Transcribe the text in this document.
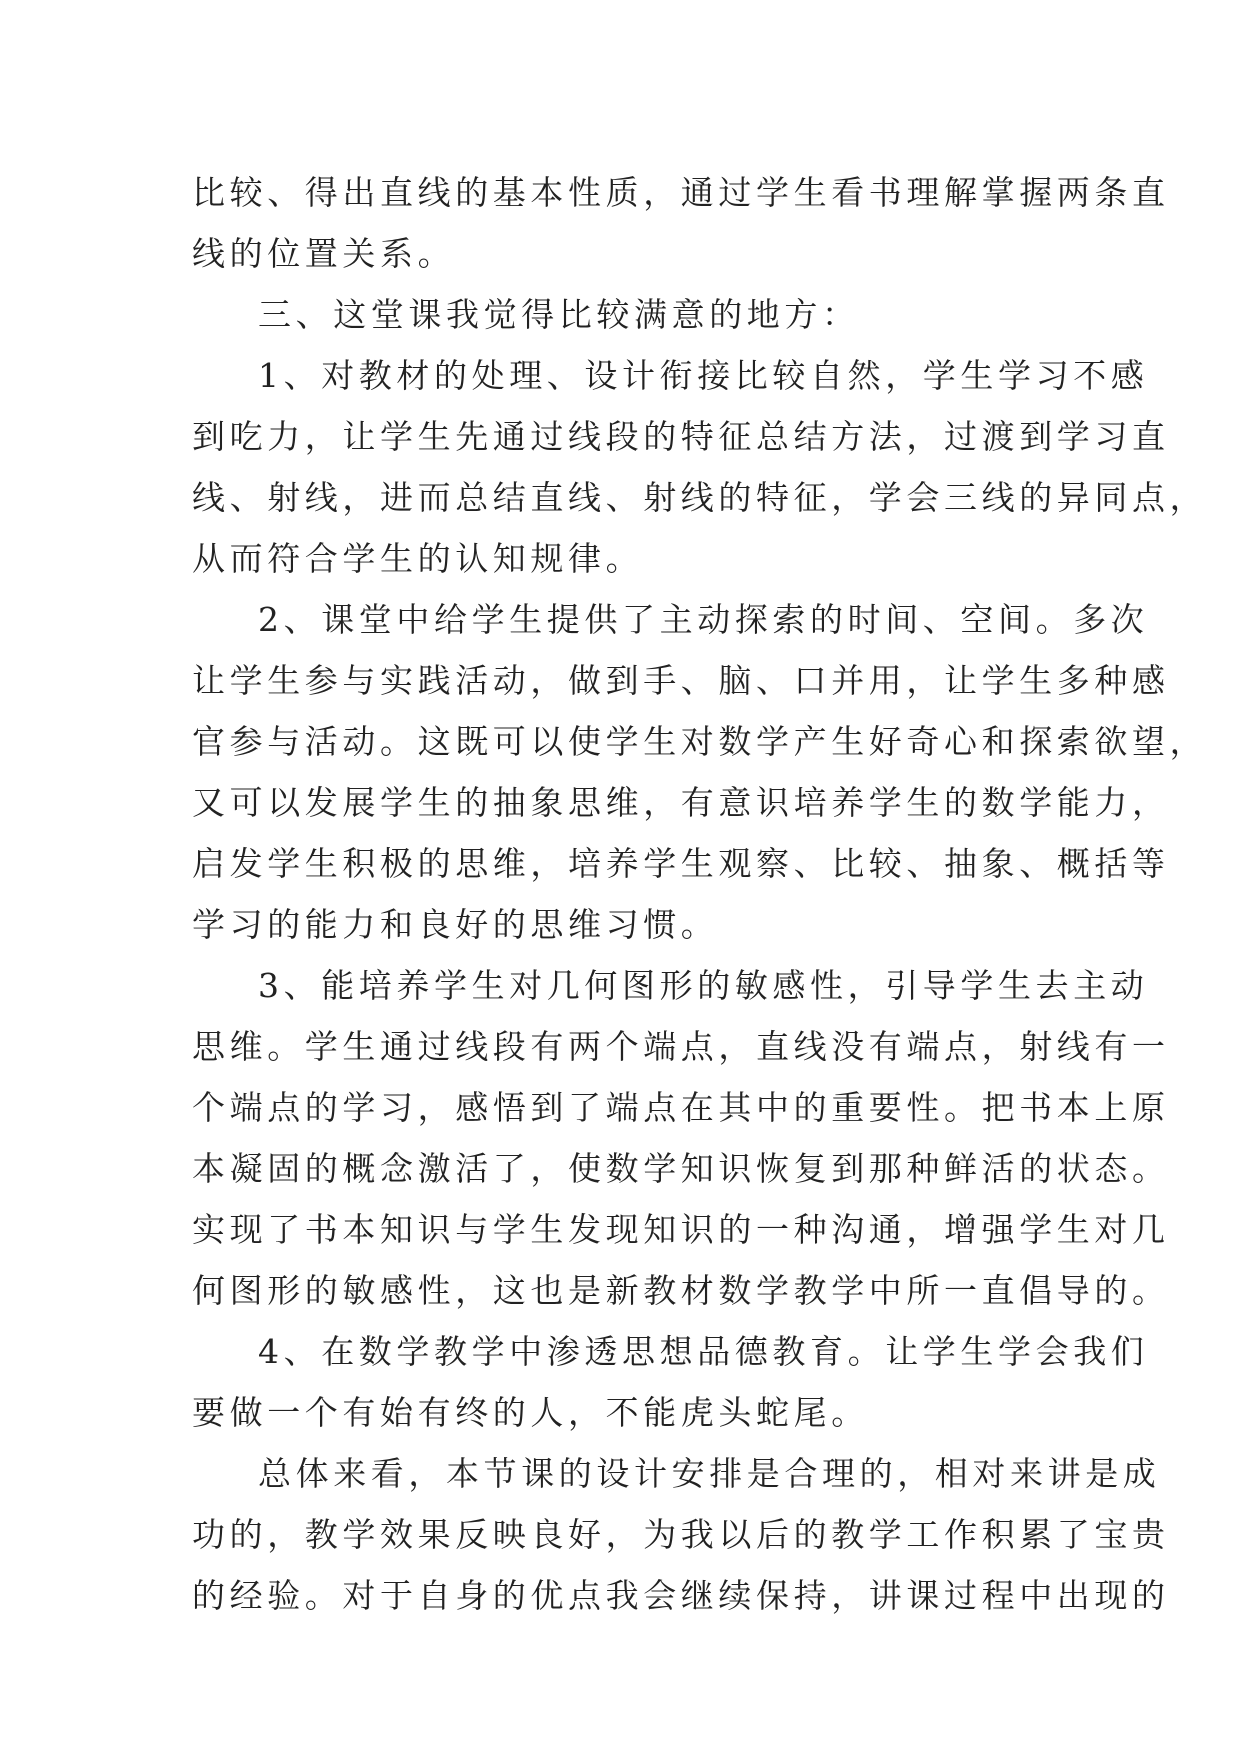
比较、得出直线的基本性质，通过学生看书理解掌握两条直
线的位置关系。
三、这堂课我觉得比较满意的地方：
1、对教材的处理、设计衔接比较自然，学生学习不感
到吃力，让学生先通过线段的特征总结方法，过渡到学习直
线、射线，进而总结直线、射线的特征，学会三线的异同点，
从而符合学生的认知规律。
2、课堂中给学生提供了主动探索的时间、空间。多次
让学生参与实践活动，做到手、脑、口并用，让学生多种感
官参与活动。这既可以使学生对数学产生好奇心和探索欲望，
又可以发展学生的抽象思维，有意识培养学生的数学能力，
启发学生积极的思维，培养学生观察、比较、抽象、概括等
学习的能力和良好的思维习惯。
3、能培养学生对几何图形的敏感性，引导学生去主动
思维。学生通过线段有两个端点，直线没有端点，射线有一
个端点的学习，感悟到了端点在其中的重要性。把书本上原
本凝固的概念激活了，使数学知识恢复到那种鲜活的状态。
实现了书本知识与学生发现知识的一种沟通，增强学生对几
何图形的敏感性，这也是新教材数学教学中所一直倡导的。
4、在数学教学中渗透思想品德教育。让学生学会我们
要做一个有始有终的人，不能虎头蛇尾。
总体来看，本节课的设计安排是合理的，相对来讲是成
功的，教学效果反映良好，为我以后的教学工作积累了宝贵
的经验。对于自身的优点我会继续保持，讲课过程中出现的
